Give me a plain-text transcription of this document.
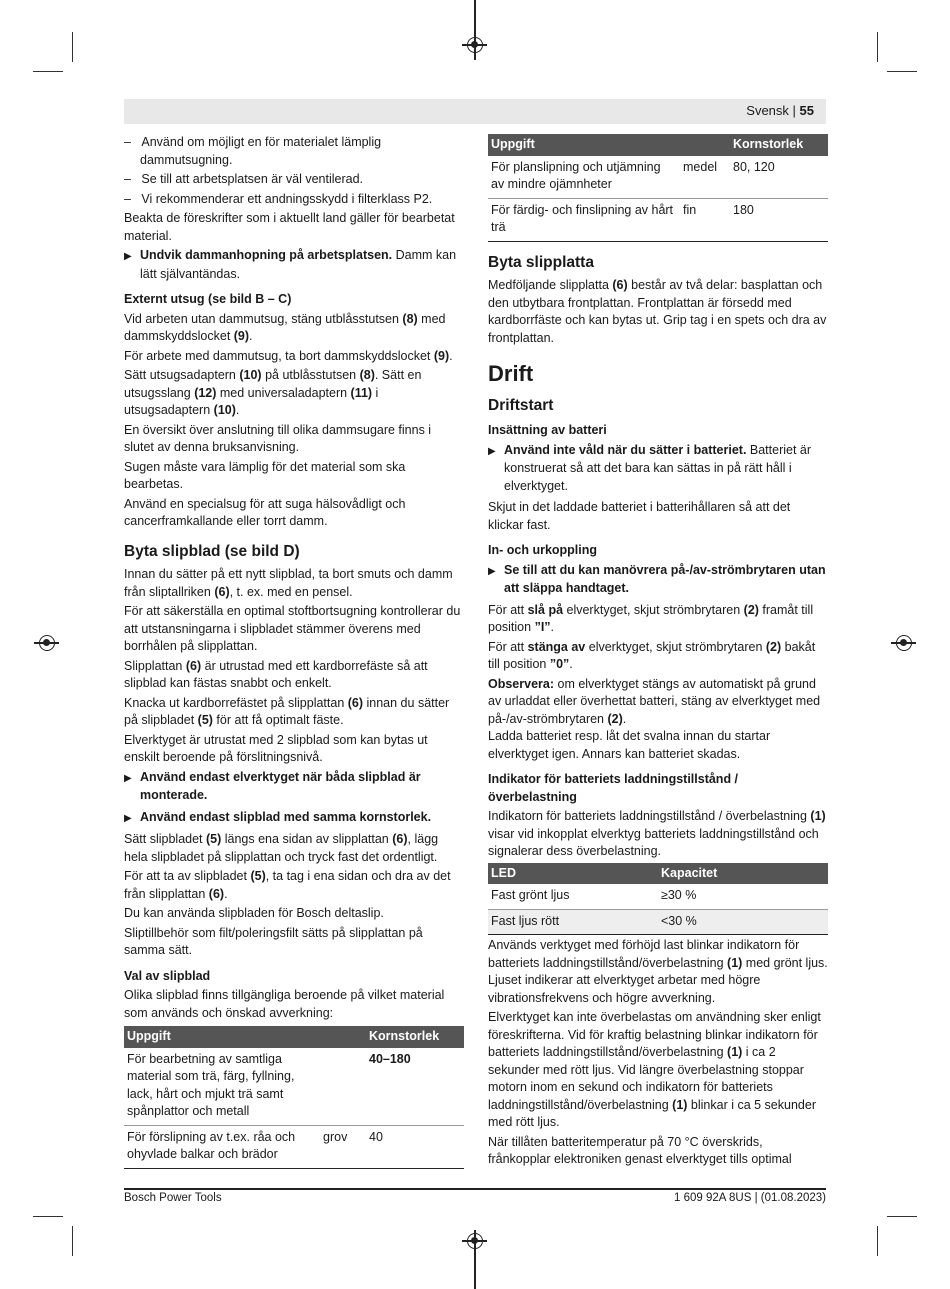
Svensk | 55

–   Använd om möjligt en för materialet lämplig dammutsugning.

–   Se till att arbetsplatsen är väl ventilerad.

–   Vi rekommenderar ett andningsskydd i filterklass P2.

Beakta de föreskrifter som i aktuellt land gäller för bearbetat material.

▶ Undvik dammanhopning på arbetsplatsen. Damm kan lätt självantändas.

Externt utsug (se bild B – C)

Vid arbeten utan dammutsug, stäng utblåsstutsen (8) med dammskyddslocket (9).

För arbete med dammutsug, ta bort dammskyddslocket (9).

Sätt utsugsadaptern (10) på utblåsstutsen (8). Sätt en utsugsslang (12) med universaladaptern (11) i utsugsadaptern (10).

En översikt över anslutning till olika dammsugare finns i slutet av denna bruksanvisning.

Sugen måste vara lämplig för det material som ska bearbetas.

Använd en specialsug för att suga hälsovådligt och cancerframkallande eller torrt damm.

Byta slipblad (se bild D)

Innan du sätter på ett nytt slipblad, ta bort smuts och damm från sliptallriken (6), t. ex. med en pensel.

För att säkerställa en optimal stoftbortsugning kontrollerar du att utstansningarna i slipbladet stämmer överens med borrhålen på slipplattan.

Slipplattan (6) är utrustad med ett kardborrefäste så att slipblad kan fästas snabbt och enkelt.

Knacka ut kardborrefästet på slipplattan (6) innan du sätter på slipbladet (5) för att få optimalt fäste.

Elverktyget är utrustat med 2 slipblad som kan bytas ut enskilt beroende på förslitningsnivå.

▶ Använd endast elverktyget när båda slipblad är monterade.

▶ Använd endast slipblad med samma kornstorlek.

Sätt slipbladet (5) längs ena sidan av slipplattan (6), lägg hela slipbladet på slipplattan och tryck fast det ordentligt.

För att ta av slipbladet (5), ta tag i ena sidan och dra av det från slipplattan (6).

Du kan använda slipbladen för Bosch deltaslip.

Sliptillbehör som filt/poleringsfilt sätts på slipplattan på samma sätt.

Val av slipblad

Olika slipblad finns tillgängliga beroende på vilket material som används och önskad avverkning:

Uppgift		Kornstorlek
För bearbetning av samtliga material som trä, färg, fyllning, lack, hårt och mjukt trä samt spånplattor och metall		40–180
För förslipning av t.ex. råa och ohyvlade balkar och brädor	grov	40
Uppgift		Kornstorlek
För planslipning och utjämning av mindre ojämnheter	medel	80, 120
För färdig- och finslipning av hårt trä	fin	180

Byta slipplatta

Medföljande slipplatta (6) består av två delar: basplattan och den utbytbara frontplattan. Frontplattan är försedd med kardborrfäste och kan bytas ut. Grip tag i en spets och dra av frontplattan.

Drift

Driftstart

Insättning av batteri

▶ Använd inte våld när du sätter i batteriet. Batteriet är konstruerat så att det bara kan sättas in på rätt håll i elverktyget.

Skjut in det laddade batteriet i batterihållaren så att det klickar fast.

In- och urkoppling

▶ Se till att du kan manövrera på-/av-strömbrytaren utan att släppa handtaget.

För att slå på elverktyget, skjut strömbrytaren (2) framåt till position ”I”.

För att stänga av elverktyget, skjut strömbrytaren (2) bakåt till position ”0”.

Observera: om elverktyget stängs av automatiskt på grund av urladdat eller överhettat batteri, stäng av elverktyget med på-/av-strömbrytaren (2).

Ladda batteriet resp. låt det svalna innan du startar elverktyget igen. Annars kan batteriet skadas.

Indikator för batteriets laddningstillstånd / överbelastning

Indikatorn för batteriets laddningstillstånd / överbelastning (1) visar vid inkopplat elverktyg batteriets laddningstillstånd och signalerar dess överbelastning.

LED	Kapacitet
Fast grönt ljus	≥30 %
Fast ljus rött	<30 %

Används verktyget med förhöjd last blinkar indikatorn för batteriets laddningstillstånd/överbelastning (1) med grönt ljus. Ljuset indikerar att elverktyget arbetar med högre vibrationsfrekvens och högre avverkning.

Elverktyget kan inte överbelastas om användning sker enligt föreskrifterna. Vid för kraftig belastning blinkar indikatorn för batteriets laddningstillstånd/överbelastning (1) i ca 2 sekunder med rött ljus. Vid längre överbelastning stoppar motorn inom en sekund och indikatorn för batteriets laddningstillstånd/överbelastning (1) blinkar i ca 5 sekunder med rött ljus.

När tillåten batteritemperatur på 70 °C överskrids, frånkopplar elektroniken genast elverktyget tills optimal

Bosch Power Tools	1 609 92A 8US | (01.08.2023)
